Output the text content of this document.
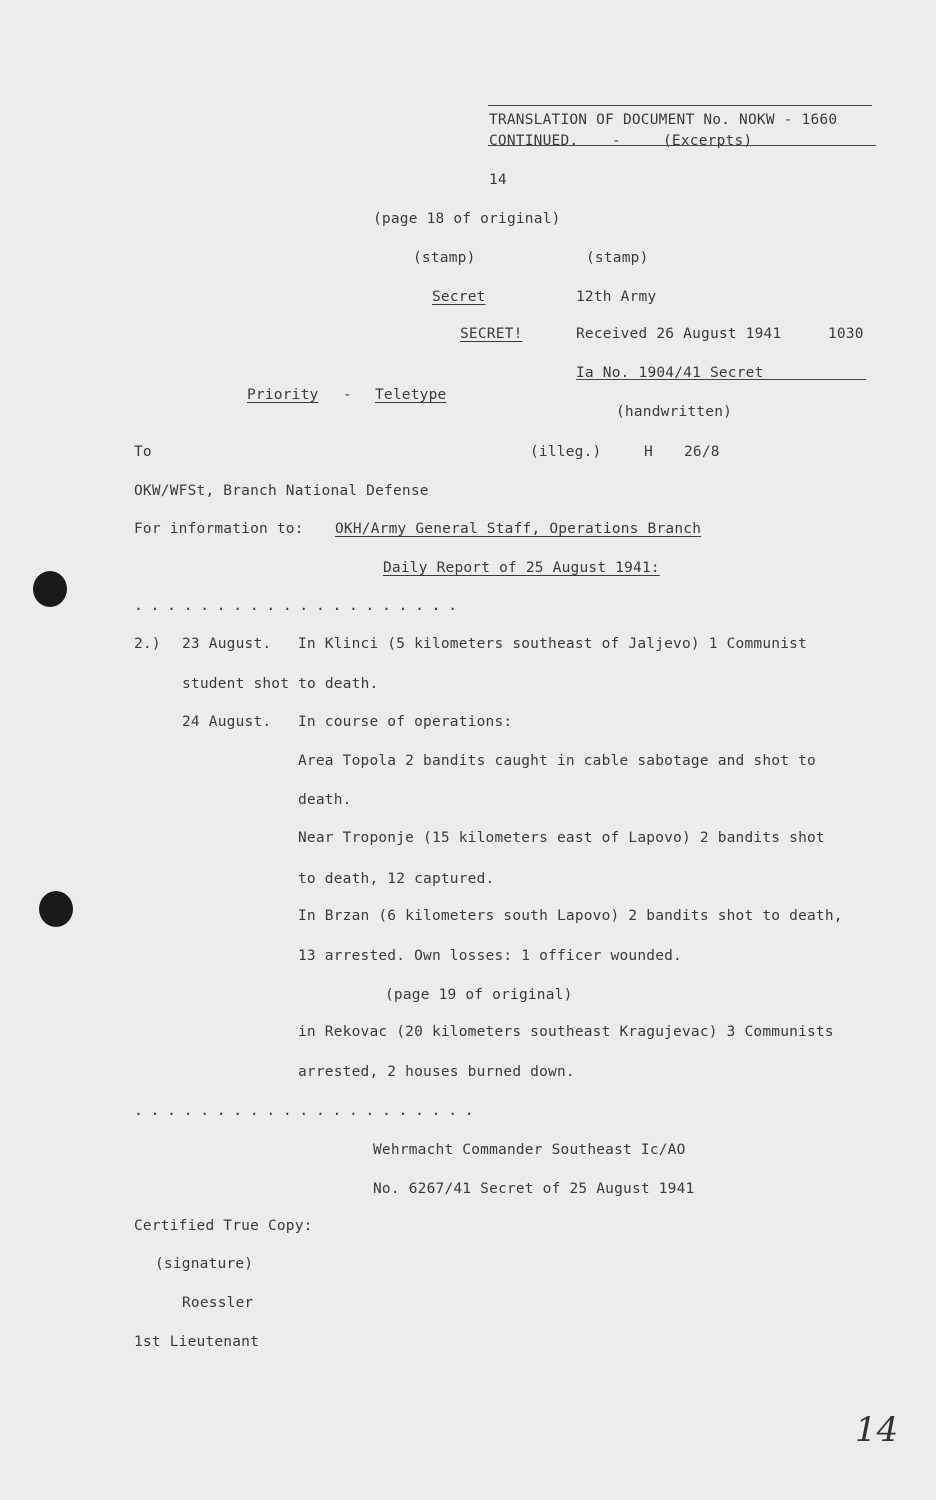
TRANSLATION OF DOCUMENT No. NOKW - 1660
CONTINUED. -	(Excerpts)
14
(page 18 of original)
(stamp)	(stamp)
Secret	12th Army
SECRET!	Received 26 August 1941	1030
Ia No. 1904/41 Secret
Priority - Teletype
(handwritten)
To	(illeg.)	H 26/8
OKW/WFSt, Branch National Defense
For information to: OKH/Army General Staff, Operations Branch
Daily Report of 25 August 1941:
....................
2.) 23 August. In Klinci (5 kilometers southeast of Jaljevo) 1 Communist
student shot to death.
24 August. In course of operations:
Area Topola 2 bandits caught in cable sabotage and shot to
death.
Near Troponje (15 kilometers east of Lapovo) 2 bandits shot
to death, 12 captured.
In Brzan (6 kilometers south Lapovo) 2 bandits shot to death,
13 arrested. Own losses: 1 officer wounded.
(page 19 of original)
in Rekovac (20 kilometers southeast Kragujevac) 3 Communists
arrested, 2 houses burned down.
.....................
Wehrmacht Commander Southeast Ic/AO
No. 6267/41 Secret of 25 August 1941
Certified True Copy:
(signature)
Roessler
1st Lieutenant
14
